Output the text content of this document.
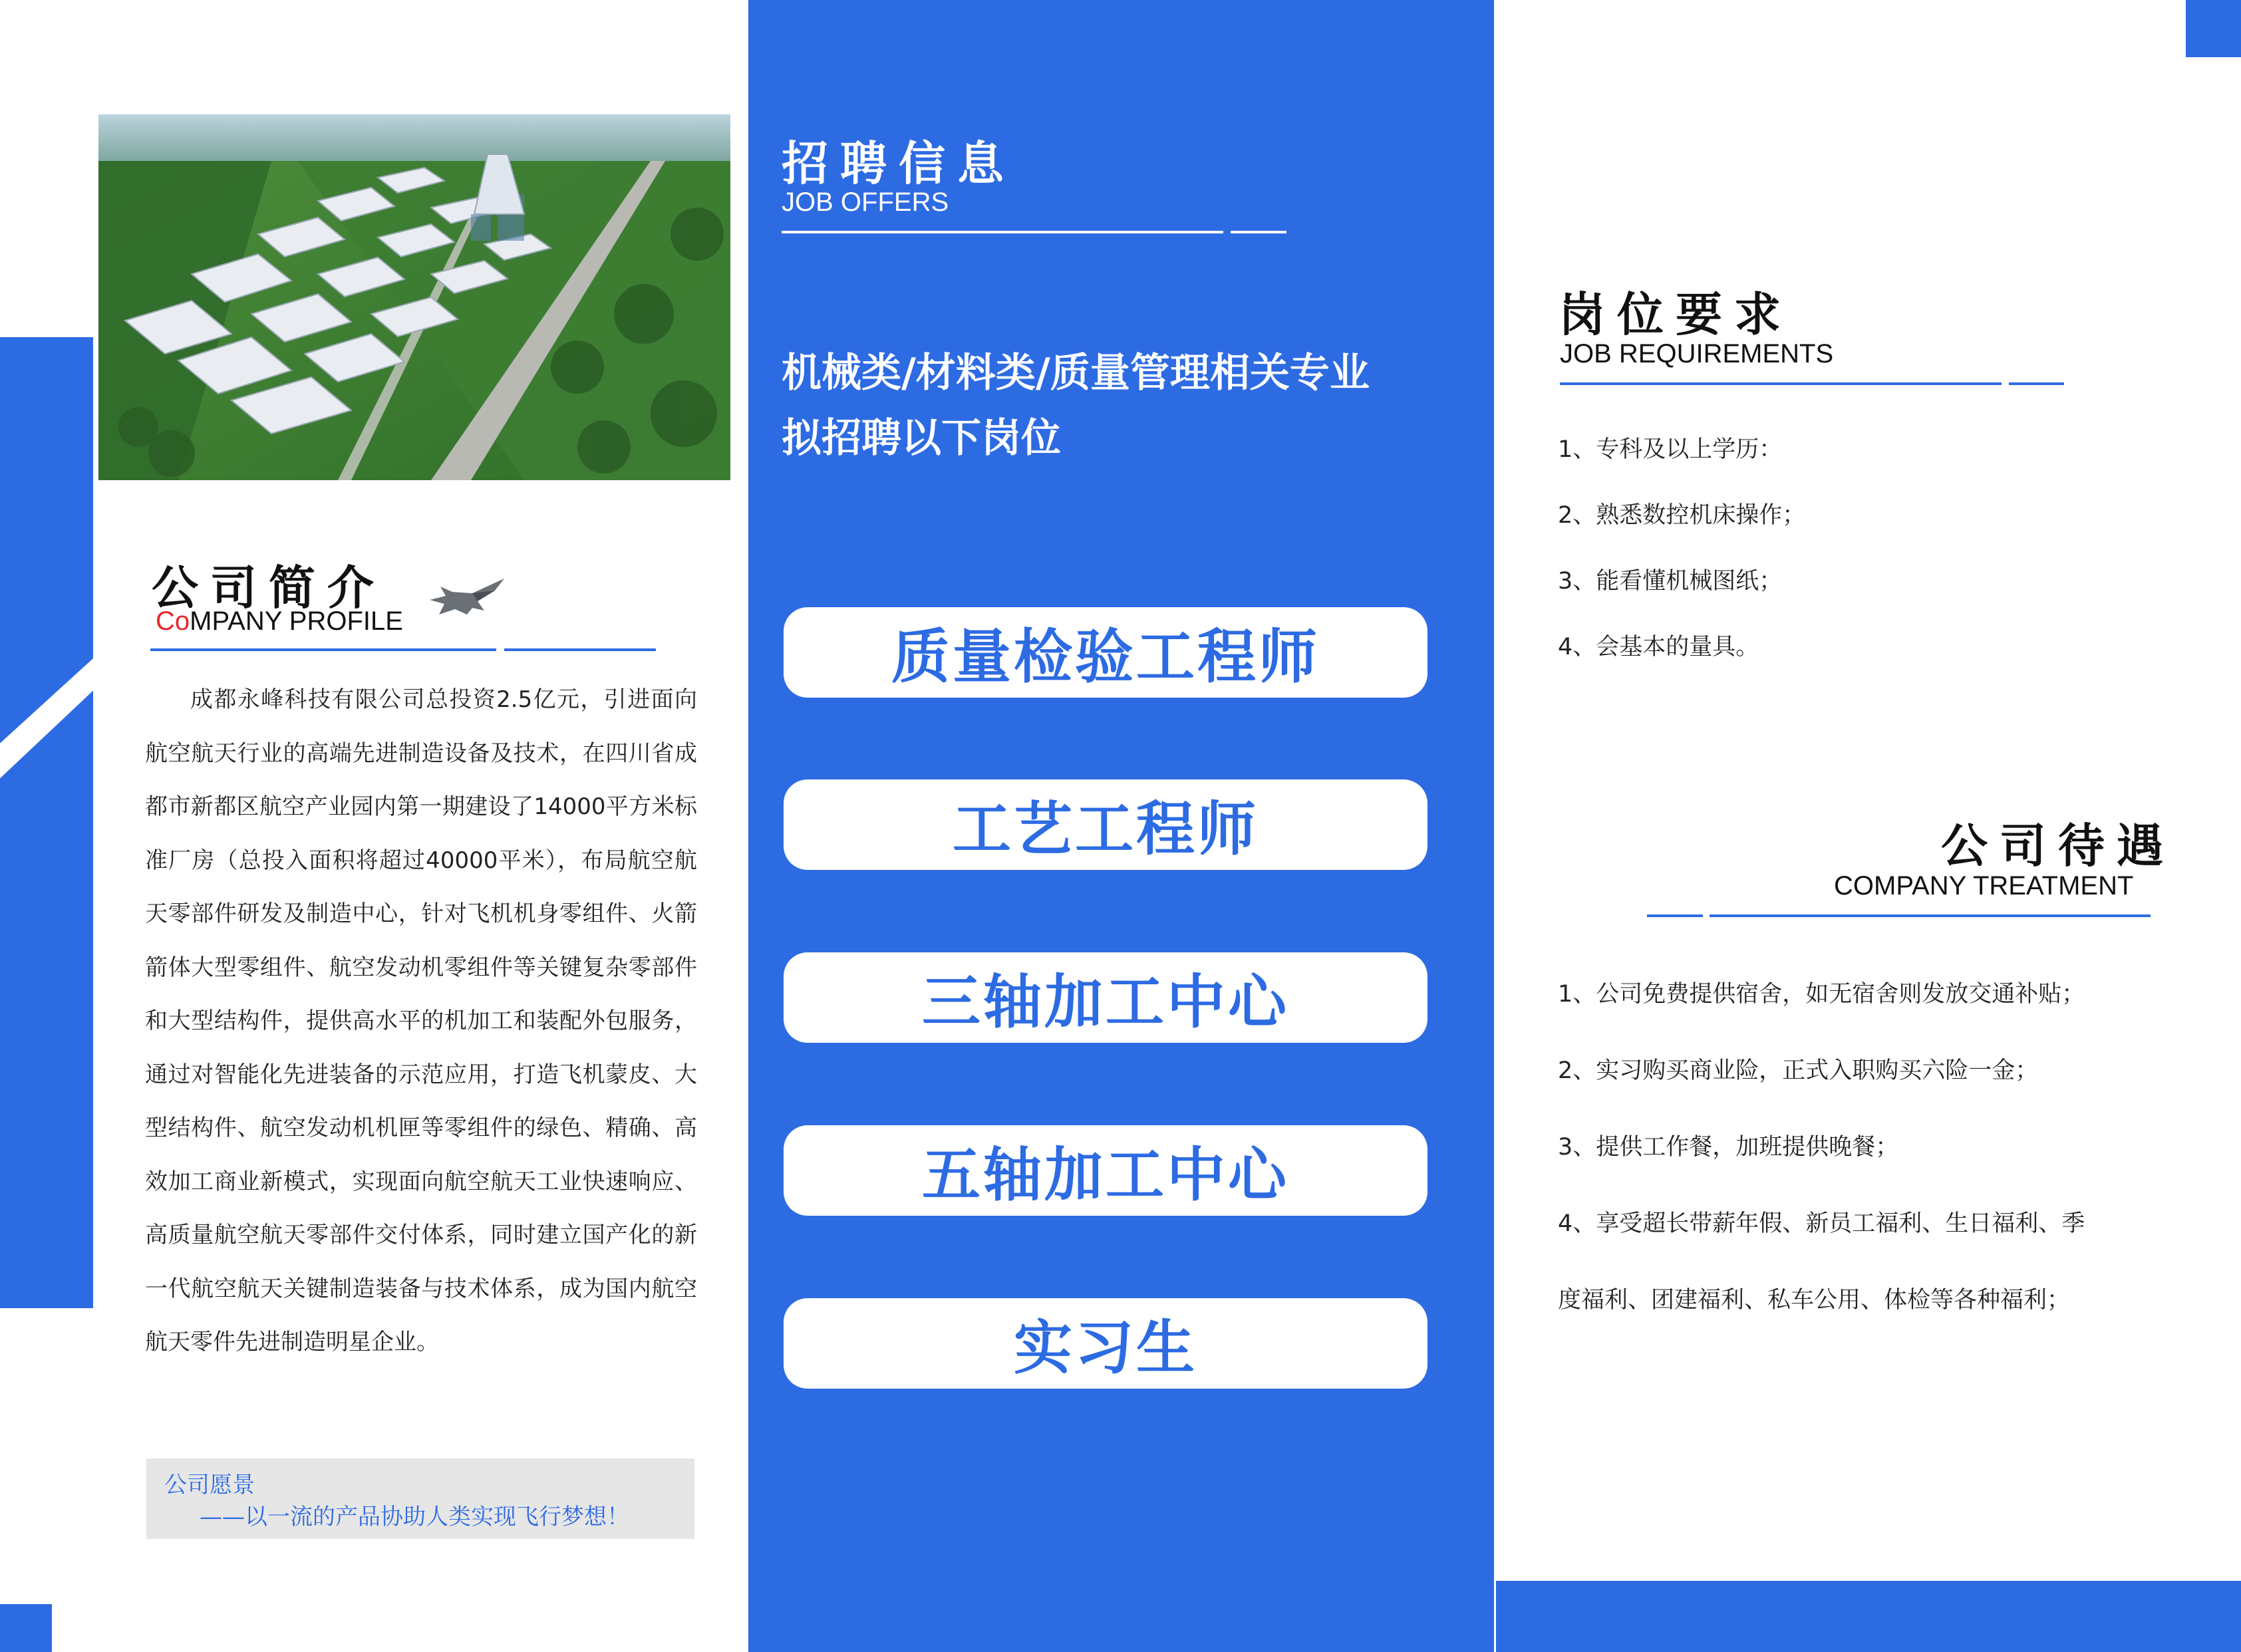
公司简介
CoMPANY PROFILE

成都永峰科技有限公司总投资2.5亿元，引进面向航空航天行业的高端先进制造设备及技术，在四川省成都市新都区航空产业园内第一期建设了14000平方米标准厂房（总投入面积将超过40000平米），布局航空航天零部件研发及制造中心，针对飞机机身零组件、火箭箭体大型零组件、航空发动机零组件等关键复杂零部件和大型结构件，提供高水平的机加工和装配外包服务，通过对智能化先进装备的示范应用，打造飞机蒙皮、大型结构件、航空发动机机匣等零组件的绿色、精确、高效加工商业新模式，实现面向航空航天工业快速响应、高质量航空航天零部件交付体系，同时建立国产化的新一代航空航天关键制造装备与技术体系，成为国内航空航天零件先进制造明星企业。

公司愿景
——以一流的产品协助人类实现飞行梦想！
招聘信息
JOB OFFERS
机械类/材料类/质量管理相关专业
拟招聘以下岗位
质量检验工程师
工艺工程师
三轴加工中心
五轴加工中心
实习生
岗位要求
JOB REQUIREMENTS
1、专科及以上学历：
2、熟悉数控机床操作；
3、能看懂机械图纸；
4、会基本的量具。
公司待遇
COMPANY TREATMENT
1、公司免费提供宿舍，如无宿舍则发放交通补贴；
2、实习购买商业险，正式入职购买六险一金；
3、提供工作餐，加班提供晚餐；
4、享受超长带薪年假、新员工福利、生日福利、季
度福利、团建福利、私车公用、体检等各种福利；
